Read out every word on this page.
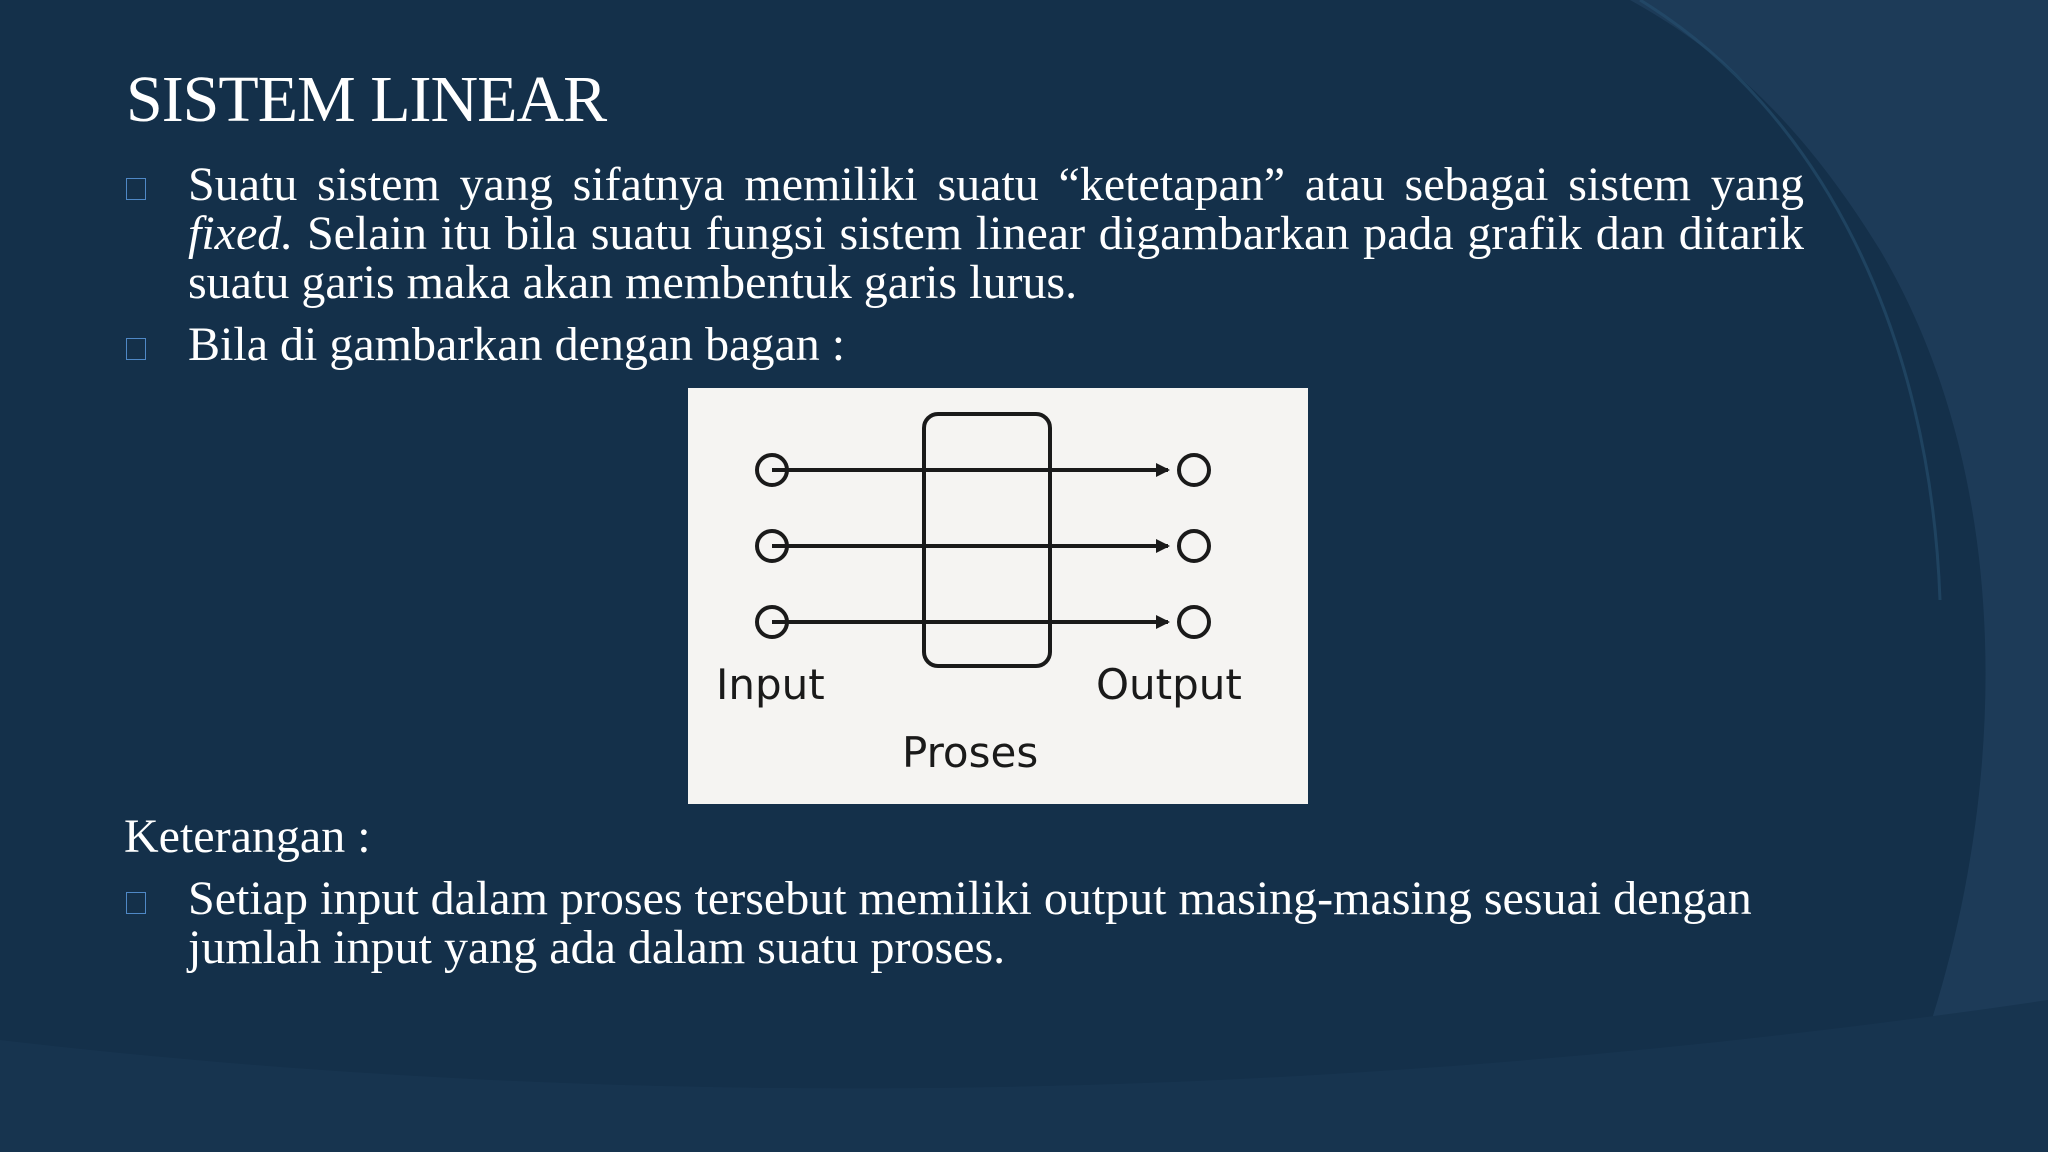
SISTEM LINEAR
Suatu sistem yang sifatnya memiliki suatu “ketetapan” atau sebagai sistem yang fixed. Selain itu bila suatu fungsi sistem linear digambarkan pada grafik dan ditarik suatu garis maka akan membentuk garis lurus.
Bila di gambarkan dengan bagan :
Input	Output
Proses
Keterangan :
Setiap input dalam proses tersebut memiliki output masing-masing sesuai dengan jumlah input yang ada dalam suatu proses.
